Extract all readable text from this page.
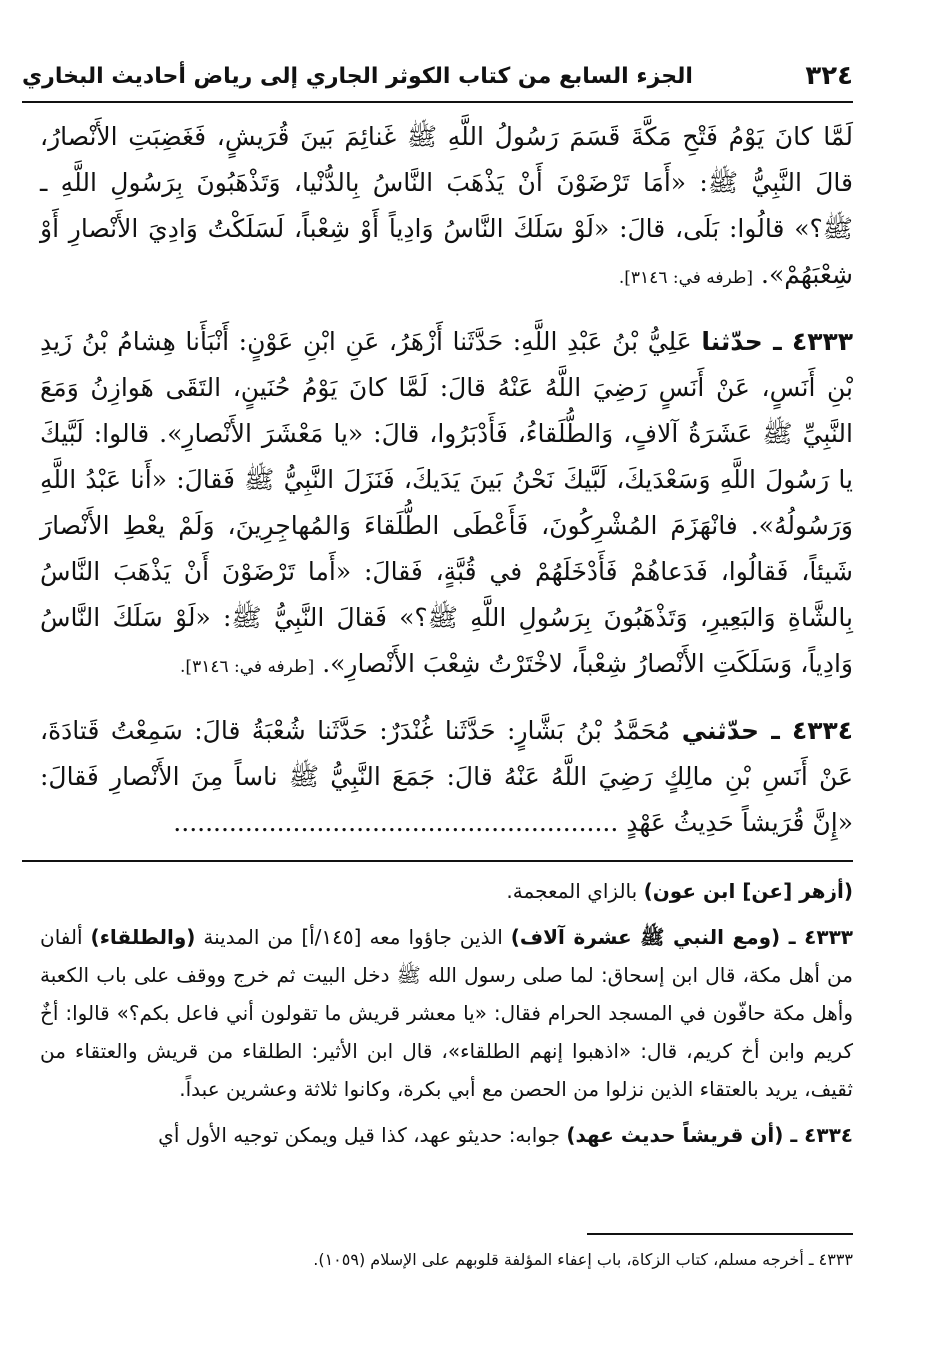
٣٢٤
الجزء السابع من كتاب الكوثر الجاري إلى رياض أحاديث البخاري

لَمَّا كانَ يَوْمُ فَتْحِ مَكَّةَ قَسَمَ رَسُولُ اللَّهِ ﷺ غَنائِمَ بَينَ قُرَيشٍ، فَغَضِبَتِ الأَنْصارُ، قالَ النَّبِيُّ ﷺ: «أَمَا تَرْضَوْنَ أَنْ يَذْهَبَ النَّاسُ بِالدُّنْيا، وَتَذْهَبُونَ بِرَسُولِ اللَّهِ ـ ﷺ؟» قالُوا: بَلَى، قالَ: «لَوْ سَلَكَ النَّاسُ وَادِياً أَوْ شِعْباً، لَسَلَكْتُ وَادِيَ الأَنْصارِ أَوْ شِعْبَهُمْ». [طرفه في: ٣١٤٦].

٤٣٣٣ ـ حدّثنا عَلِيُّ بْنُ عَبْدِ اللَّهِ: حَدَّثَنا أَزْهَرُ، عَنِ ابْنِ عَوْنٍ: أَنْبَأَنا هِشامُ بْنُ زَيدِ بْنِ أَنَسٍ، عَنْ أَنَسٍ رَضِيَ اللَّهُ عَنْهُ قالَ: لَمَّا كانَ يَوْمُ حُنَينٍ، التَقَى هَوازِنُ وَمَعَ النَّبِيِّ ﷺ عَشَرَةُ آلافٍ، وَالطُّلَقاءُ، فَأَدْبَرُوا، قالَ: «يا مَعْشَرَ الأَنْصارِ». قالوا: لَبَّيكَ يا رَسُولَ اللَّهِ وَسَعْدَيكَ، لَبَّيكَ نَحْنُ بَينَ يَدَيكَ، فَنَزَلَ النَّبِيُّ ﷺ فَقالَ: «أَنا عَبْدُ اللَّهِ وَرَسُولُهُ». فانْهَزَمَ المُشْرِكُونَ، فَأَعْطَى الطُّلَقاءَ وَالمُهاجِرِينَ، وَلَمْ يعْطِ الأَنْصارَ شَيئاً، فَقالُوا، فَدَعاهُمْ فَأَدْخَلَهُمْ في قُبَّةٍ، فَقالَ: «أَما تَرْضَوْنَ أَنْ يَذْهَبَ النَّاسُ بِالشَّاةِ وَالبَعِيرِ، وَتَذْهَبُونَ بِرَسُولِ اللَّهِ ﷺ؟» فَقالَ النَّبِيُّ ﷺ: «لَوْ سَلَكَ النَّاسُ وَادِياً، وَسَلَكَتِ الأَنْصارُ شِعْباً، لاخْتَرْتُ شِعْبَ الأَنْصارِ». [طرفه في: ٣١٤٦].

٤٣٣٤ ـ حدّثني مُحَمَّدُ بْنُ بَشَّارٍ: حَدَّثَنا غُنْدَرٌ: حَدَّثَنا شُعْبَةُ قالَ: سَمِعْتُ قَتادَةَ، عَنْ أَنَسِ بْنِ مالِكٍ رَضِيَ اللَّهُ عَنْهُ قالَ: جَمَعَ النَّبِيُّ ﷺ ناساً مِنَ الأَنْصارِ فَقالَ: «إِنَّ قُرَيشاً حَدِيثُ عَهْدٍ ........................................................

(أزهر [عن] ابن عون) بالزاي المعجمة.

٤٣٣٣ ـ (ومع النبي ﷺ عشرة آلاف) الذين جاؤوا معه [١٤٥/أ] من المدينة (والطلقاء) ألفان من أهل مكة، قال ابن إسحاق: لما صلى رسول الله ﷺ دخل البيت ثم خرج ووقف على باب الكعبة وأهل مكة حافّون في المسجد الحرام فقال: «يا معشر قريش ما تقولون أني فاعل بكم؟» قالوا: أخٌ كريم وابن أخ كريم، قال: «اذهبوا إنهم الطلقاء»، قال ابن الأثير: الطلقاء من قريش والعتقاء من ثقيف، يريد بالعتقاء الذين نزلوا من الحصن مع أبي بكرة، وكانوا ثلاثة وعشرين عبداً.

٤٣٣٤ ـ (أن قريشاً حديث عهد) جوابه: حديثو عهد، كذا قيل ويمكن توجيه الأول أي

٤٣٣٣ ـ أخرجه مسلم، كتاب الزكاة، باب إعفاء المؤلفة قلوبهم على الإسلام (١٠٥٩).
